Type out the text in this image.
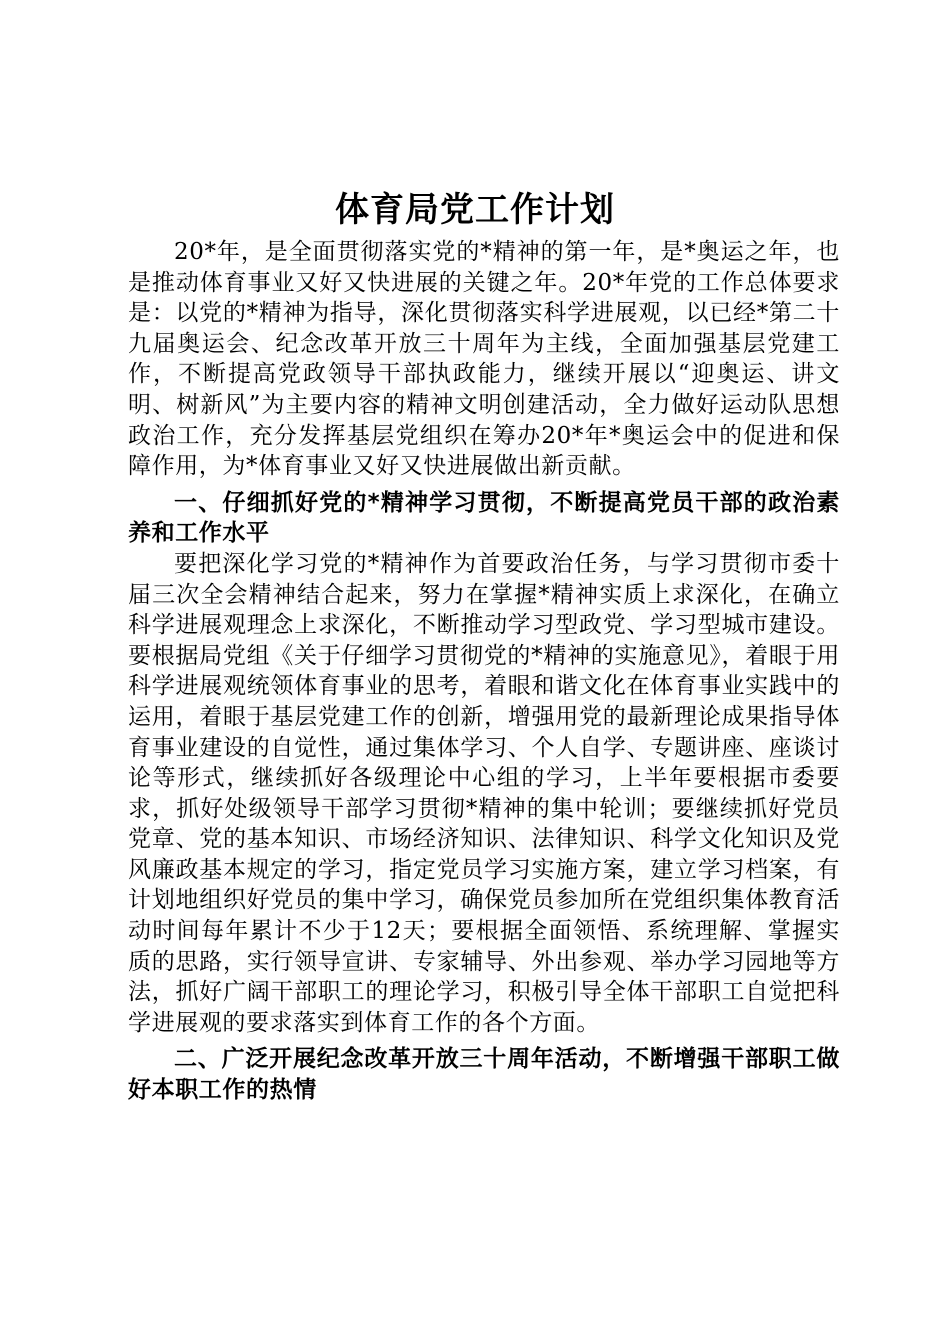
体育局党工作计划

20*年，是全面贯彻落实党的*精神的第一年，是*奥运之年，也是推动体育事业又好又快进展的关键之年。20*年党的工作总体要求是：以党的*精神为指导，深化贯彻落实科学进展观，以已经*第二十九届奥运会、纪念改革开放三十周年为主线，全面加强基层党建工作，不断提高党政领导干部执政能力，继续开展以“迎奥运、讲文明、树新风”为主要内容的精神文明创建活动，全力做好运动队思想政治工作，充分发挥基层党组织在筹办20*年*奥运会中的促进和保障作用，为*体育事业又好又快进展做出新贡献。

一、仔细抓好党的*精神学习贯彻，不断提高党员干部的政治素养和工作水平

要把深化学习党的*精神作为首要政治任务，与学习贯彻市委十届三次全会精神结合起来，努力在掌握*精神实质上求深化，在确立科学进展观理念上求深化，不断推动学习型政党、学习型城市建设。要根据局党组《关于仔细学习贯彻党的*精神的实施意见》，着眼于用科学进展观统领体育事业的思考，着眼和谐文化在体育事业实践中的运用，着眼于基层党建工作的创新，增强用党的最新理论成果指导体育事业建设的自觉性，通过集体学习、个人自学、专题讲座、座谈讨论等形式，继续抓好各级理论中心组的学习，上半年要根据市委要求，抓好处级领导干部学习贯彻*精神的集中轮训；要继续抓好党员党章、党的基本知识、市场经济知识、法律知识、科学文化知识及党风廉政基本规定的学习，指定党员学习实施方案，建立学习档案，有计划地组织好党员的集中学习，确保党员参加所在党组织集体教育活动时间每年累计不少于12天；要根据全面领悟、系统理解、掌握实质的思路，实行领导宣讲、专家辅导、外出参观、举办学习园地等方法，抓好广阔干部职工的理论学习，积极引导全体干部职工自觉把科学进展观的要求落实到体育工作的各个方面。

二、广泛开展纪念改革开放三十周年活动，不断增强干部职工做好本职工作的热情
